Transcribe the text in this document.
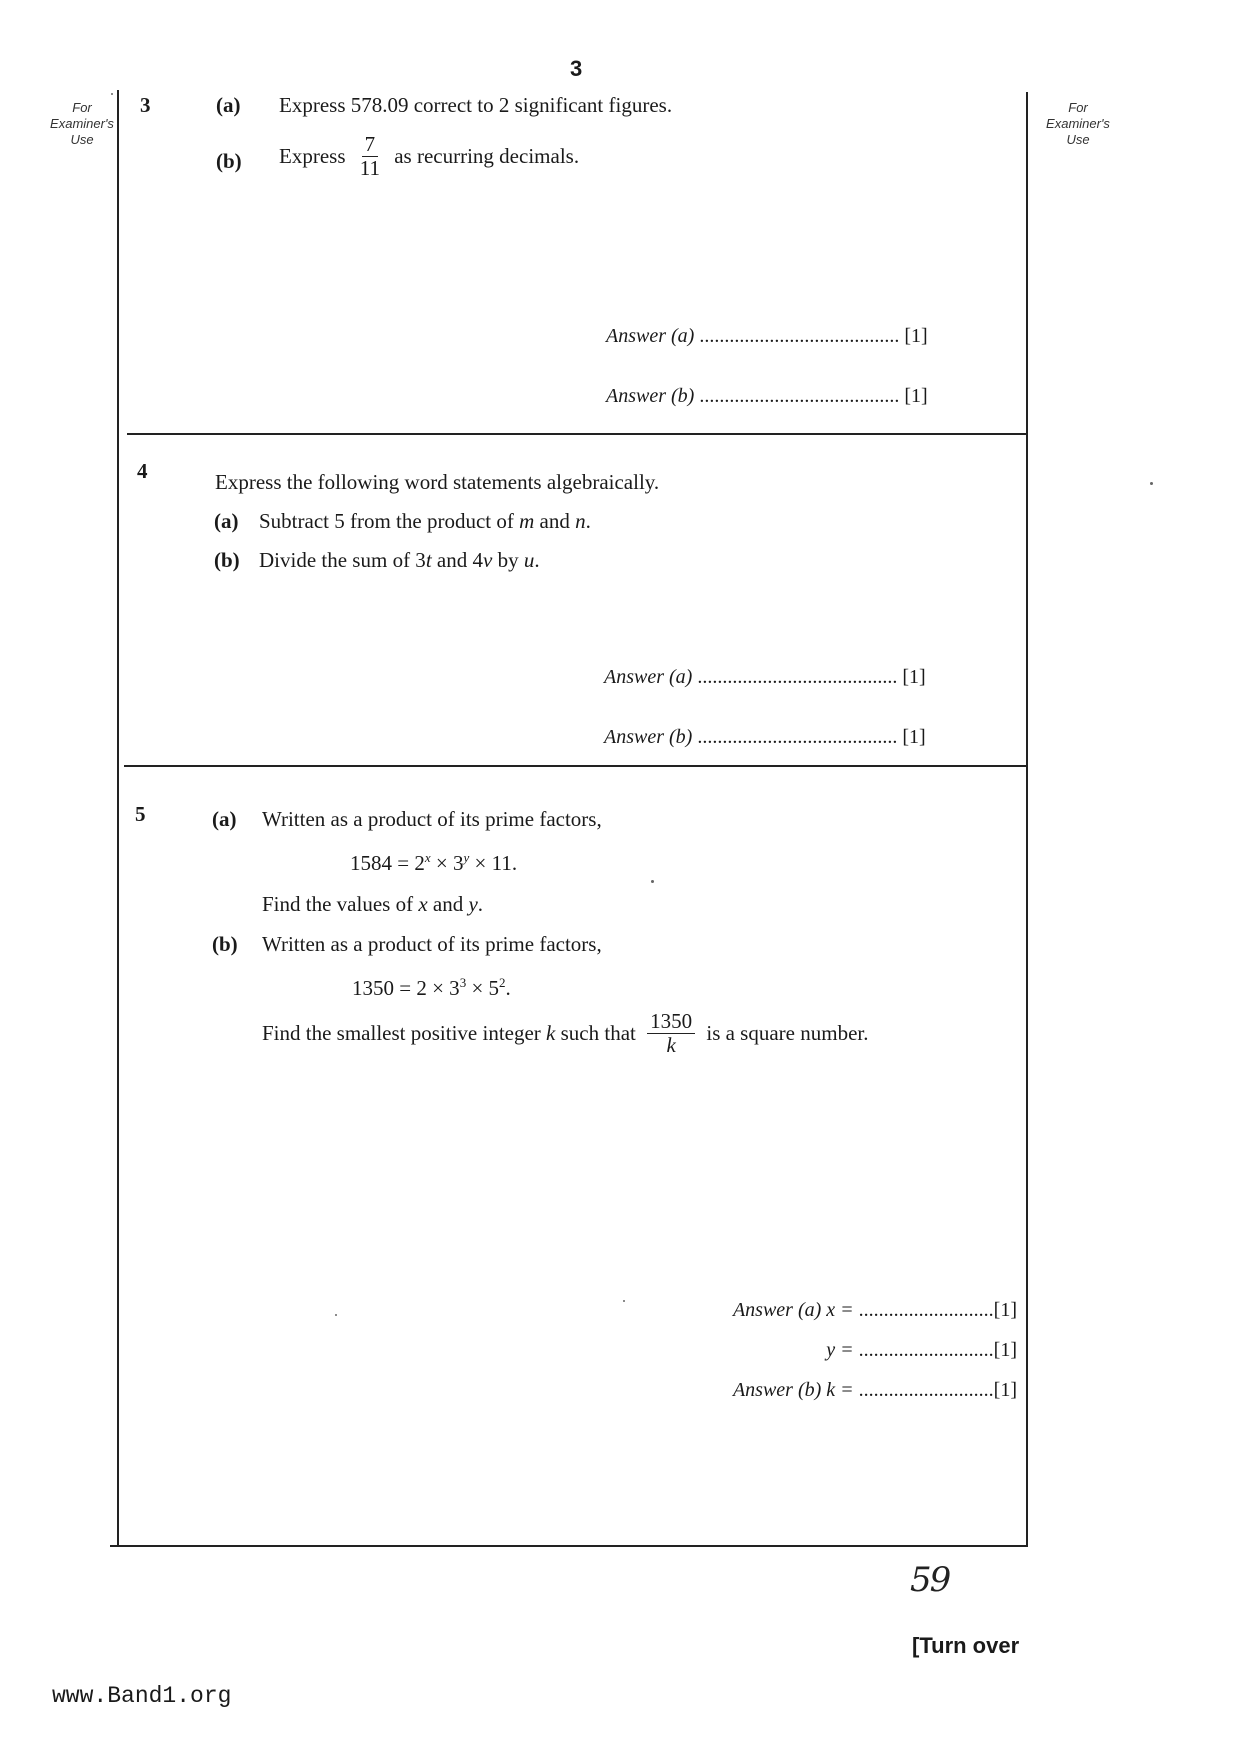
3
For Examiner's Use
For Examiner's Use
3	(a) Express 578.09 correct to 2 significant figures.
(b) Express $\frac{7}{11}$ as recurring decimals.
Answer (a) ........................................ [1]
Answer (b) ........................................ [1]
4	Express the following word statements algebraically.
(a) Subtract 5 from the product of m and n.
(b) Divide the sum of 3t and 4v by u.
Answer (a) ........................................ [1]
Answer (b) ........................................ [1]
5	(a) Written as a product of its prime factors,
$1584 = 2^x \times 3^y \times 11$.
Find the values of x and y.
(b) Written as a product of its prime factors,
$1350 = 2 \times 3^3 \times 5^2$.
Find the smallest positive integer k such that $\frac{1350}{k}$ is a square number.
Answer (a) x = ...........................[1]
y = ...........................[1]
Answer (b) k = ...........................[1]
59
[Turn over
www.Band1.org
